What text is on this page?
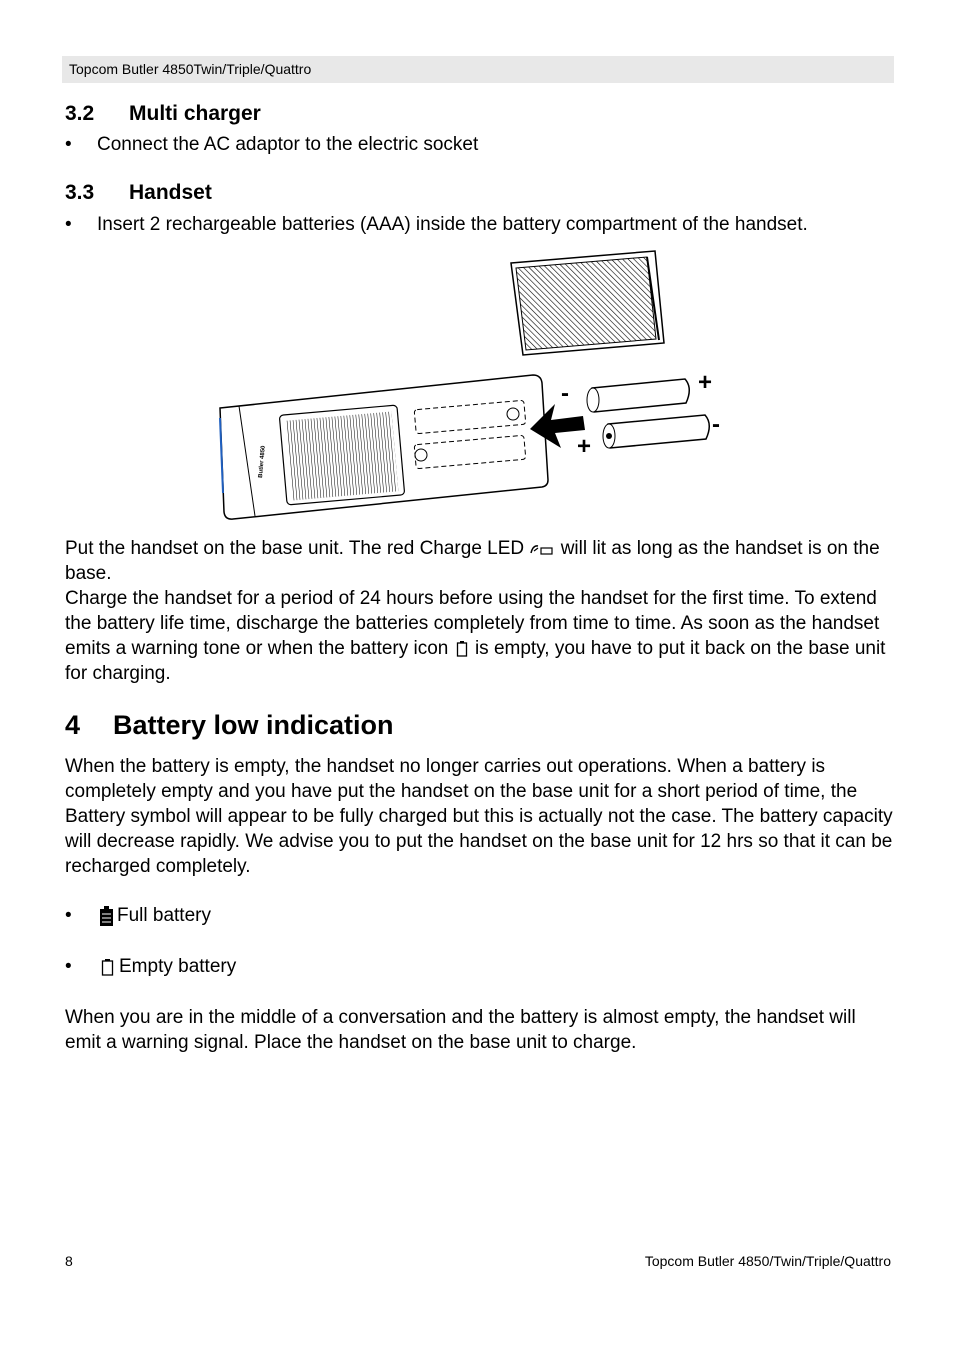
Topcom Butler 4850Twin/Triple/Quattro
3.2 Multi charger
• Connect the AC adaptor to the electric socket
3.3 Handset
• Insert 2 rechargeable batteries (AAA) inside the battery compartment of the handset.
Butler 4850
-	+
-
+
Put the handset on the base unit. The red Charge LED will lit as long as the handset is on the base.
Charge the handset for a period of 24 hours before using the handset for the first time. To extend the battery life time, discharge the batteries completely from time to time. As soon as the handset emits a warning tone or when the battery icon is empty, you have to put it back on the base unit for charging.
4 Battery low indication
When the battery is empty, the handset no longer carries out operations. When a battery is completely empty and you have put the handset on the base unit for a short period of time, the Battery symbol will appear to be fully charged but this is actually not the case. The battery capacity will decrease rapidly. We advise you to put the handset on the base unit for 12 hrs so that it can be recharged completely.
• Full battery
• Empty battery
When you are in the middle of a conversation and the battery is almost empty, the handset will emit a warning signal. Place the handset on the base unit to charge.
8	Topcom Butler 4850/Twin/Triple/Quattro
